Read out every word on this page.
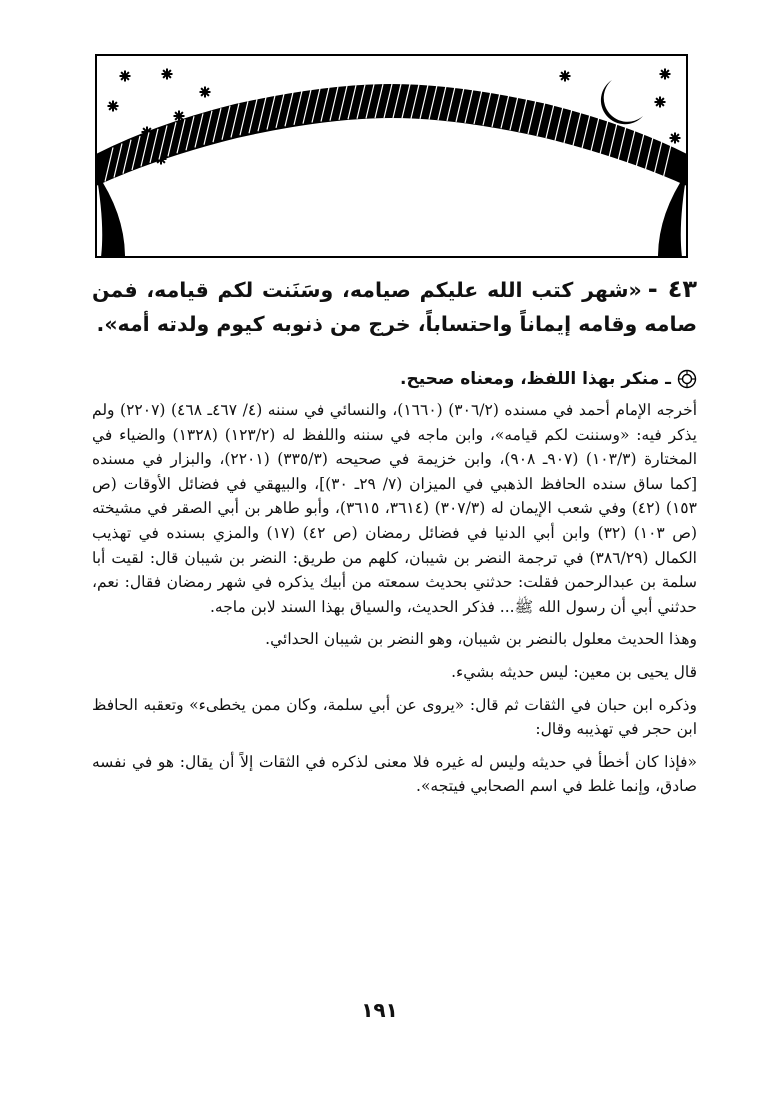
٤٣ -«شهر كتب الله عليكم صيامه، وسَنَنت لكم قيامه، فمن صامه وقامه إيماناً واحتساباً، خرج من ذنوبه كيوم ولدته أمه».
ـ منكر بهذا اللفظ، ومعناه صحيح.

أخرجه الإمام أحمد في مسنده (٣٠٦/٢) (١٦٦٠)، والنسائي في سننه (٤/ ٤٦٧ـ ٤٦٨) (٢٢٠٧) ولم يذكر فيه: «وسننت لكم قيامه»، وابن ماجه في سننه واللفظ له (١٢٣/٢) (١٣٢٨) والضياء في المختارة (١٠٣/٣) (٩٠٧ـ ٩٠٨)، وابن خزيمة في صحيحه (٣٣٥/٣) (٢٢٠١)، والبزار في مسنده [كما ساق سنده الحافظ الذهبي في الميزان (٧/ ٢٩ـ ٣٠)]، والبيهقي في فضائل الأوقات (ص ١٥٣) (٤٢) وفي شعب الإيمان له (٣٠٧/٣) (٣٦١٤، ٣٦١٥)، وأبو طاهر بن أبي الصقر في مشيخته (ص ١٠٣) (٣٢) وابن أبي الدنيا في فضائل رمضان (ص ٤٢) (١٧) والمزي بسنده في تهذيب الكمال (٣٨٦/٢٩) في ترجمة النضر بن شيبان، كلهم من طريق: النضر بن شيبان قال: لقيت أبا سلمة بن عبدالرحمن فقلت: حدثني بحديث سمعته من أبيك يذكره في شهر رمضان فقال: نعم، حدثني أبي أن رسول الله ﷺ... فذكر الحديث، والسياق بهذا السند لابن ماجه.

وهذا الحديث معلول بالنضر بن شيبان، وهو النضر بن شيبان الحدائي.

قال يحيى بن معين: ليس حديثه بشيء.

وذكره ابن حبان في الثقات ثم قال: «يروى عن أبي سلمة، وكان ممن يخطىء» وتعقبه الحافظ ابن حجر في تهذيبه وقال:

«فإذا كان أخطأ في حديثه وليس له غيره فلا معنى لذكره في الثقات إلاً أن يقال: هو في نفسه صادق، وإنما غلط في اسم الصحابي فيتجه».

١٩١
